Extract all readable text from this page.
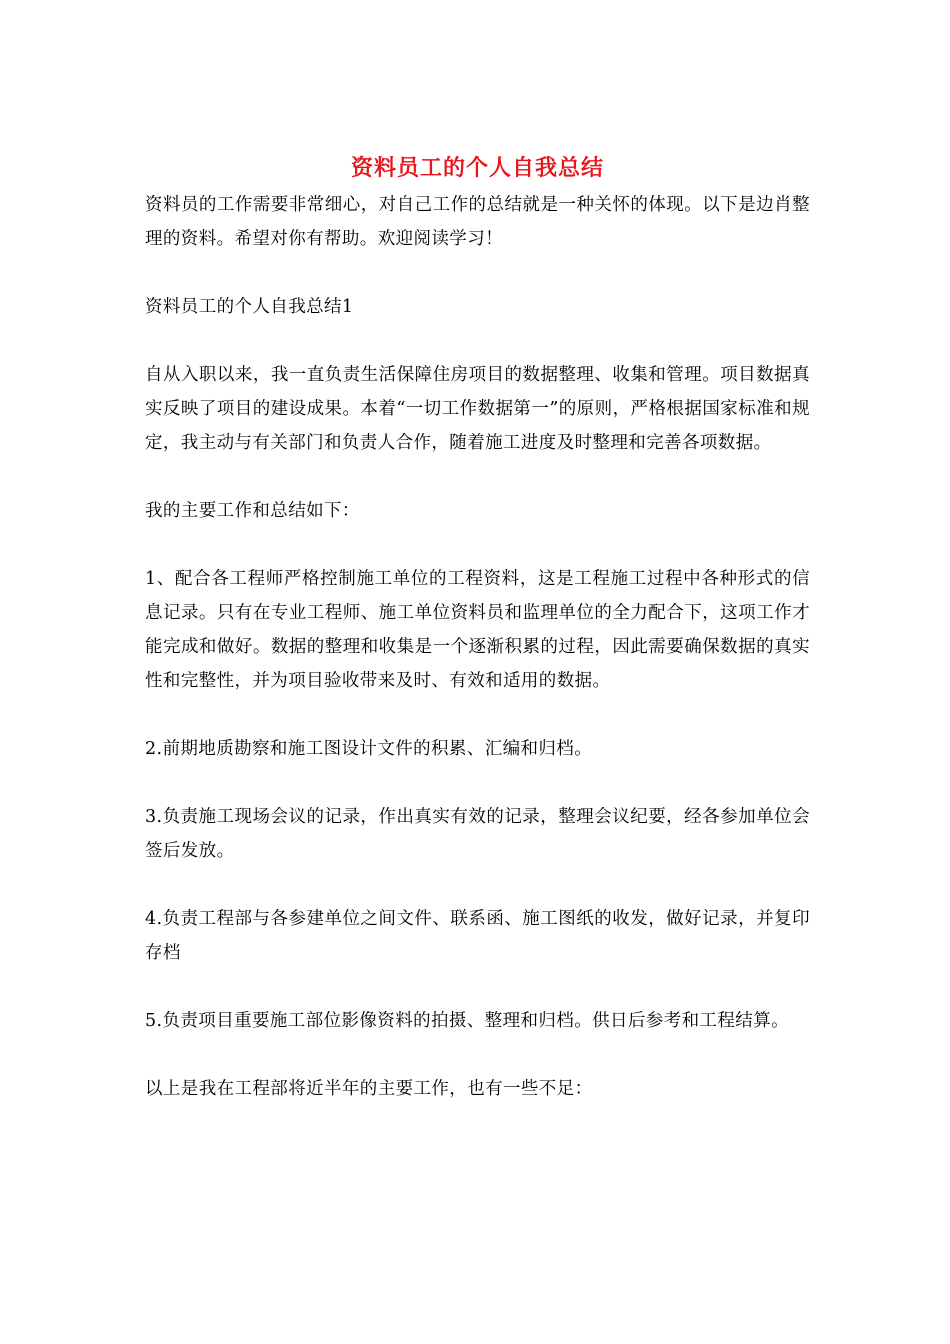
资料员工的个人自我总结

资料员的工作需要非常细心，对自己工作的总结就是一种关怀的体现。以下是边肖整理的资料。希望对你有帮助。欢迎阅读学习！

资料员工的个人自我总结1

自从入职以来，我一直负责生活保障住房项目的数据整理、收集和管理。项目数据真实反映了项目的建设成果。本着“一切工作数据第一”的原则，严格根据国家标准和规定，我主动与有关部门和负责人合作，随着施工进度及时整理和完善各项数据。

我的主要工作和总结如下：

1、配合各工程师严格控制施工单位的工程资料，这是工程施工过程中各种形式的信息记录。只有在专业工程师、施工单位资料员和监理单位的全力配合下，这项工作才能完成和做好。数据的整理和收集是一个逐渐积累的过程，因此需要确保数据的真实性和完整性，并为项目验收带来及时、有效和适用的数据。

2.前期地质勘察和施工图设计文件的积累、汇编和归档。

3.负责施工现场会议的记录，作出真实有效的记录，整理会议纪要，经各参加单位会签后发放。

4.负责工程部与各参建单位之间文件、联系函、施工图纸的收发，做好记录，并复印存档

5.负责项目重要施工部位影像资料的拍摄、整理和归档。供日后参考和工程结算。

以上是我在工程部将近半年的主要工作，也有一些不足：
